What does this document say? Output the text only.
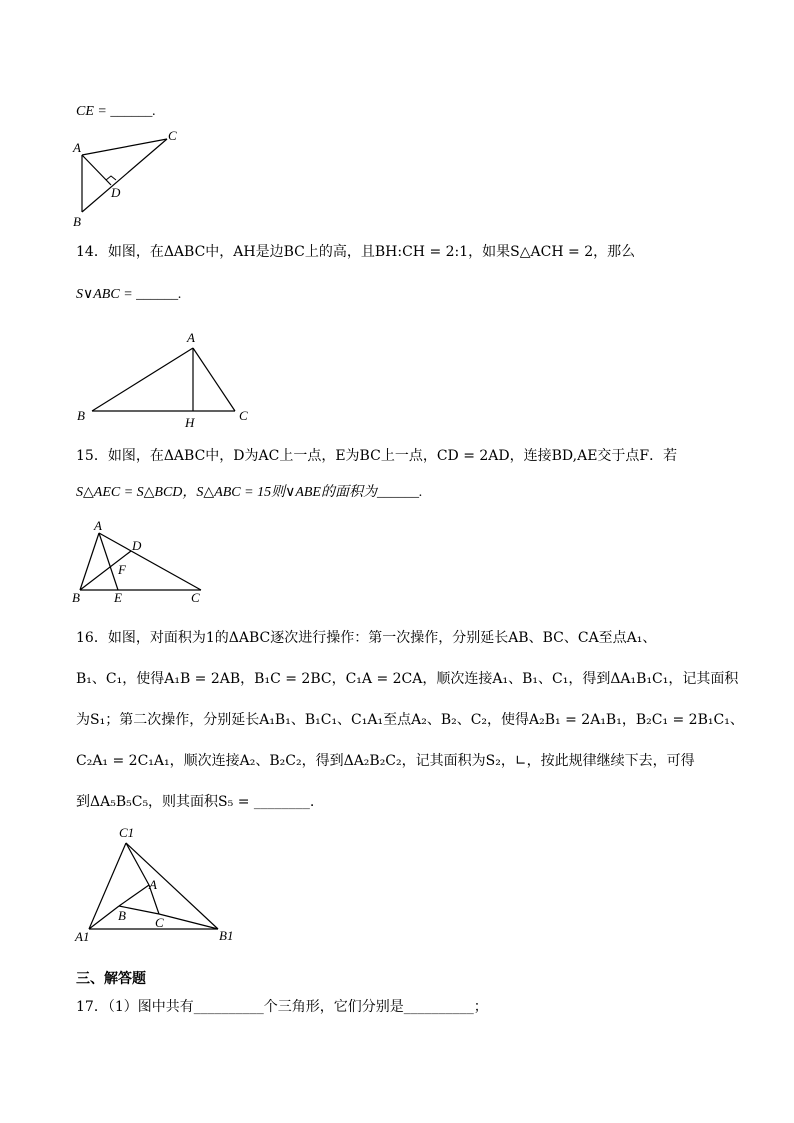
CE = ______.
A
C
D
B
14．如图，在ΔABC中，AH是边BC上的高，且BH:CH = 2:1，如果S△ACH = 2，那么
S∨ABC = ______.
A
B	H	C
15．如图，在ΔABC中，D为AC上一点，E为BC上一点，CD = 2AD，连接BD,AE交于点F．若
S△AEC = S△BCD，S△ABC = 15则∨ABE的面积为______.
A
D
F
B	E	C
16．如图，对面积为1的ΔABC逐次进行操作：第一次操作，分别延长AB、BC、CA至点A₁、
B₁、C₁，使得A₁B = 2AB，B₁C = 2BC，C₁A = 2CA，顺次连接A₁、B₁、C₁，得到ΔA₁B₁C₁，记其面积
为S₁；第二次操作，分别延长A₁B₁、B₁C₁、C₁A₁至点A₂、B₂、C₂，使得A₂B₁ = 2A₁B₁，B₂C₁ = 2B₁C₁、
C₂A₁ = 2C₁A₁，顺次连接A₂、B₂C₂，得到ΔA₂B₂C₂，记其面积为S₂，∟，按此规律继续下去，可得
到ΔA₅B₅C₅，则其面积S₅ = ________.
C1
A
B C
A1	B1
三、解答题
17．（1）图中共有__________个三角形，它们分别是__________；
